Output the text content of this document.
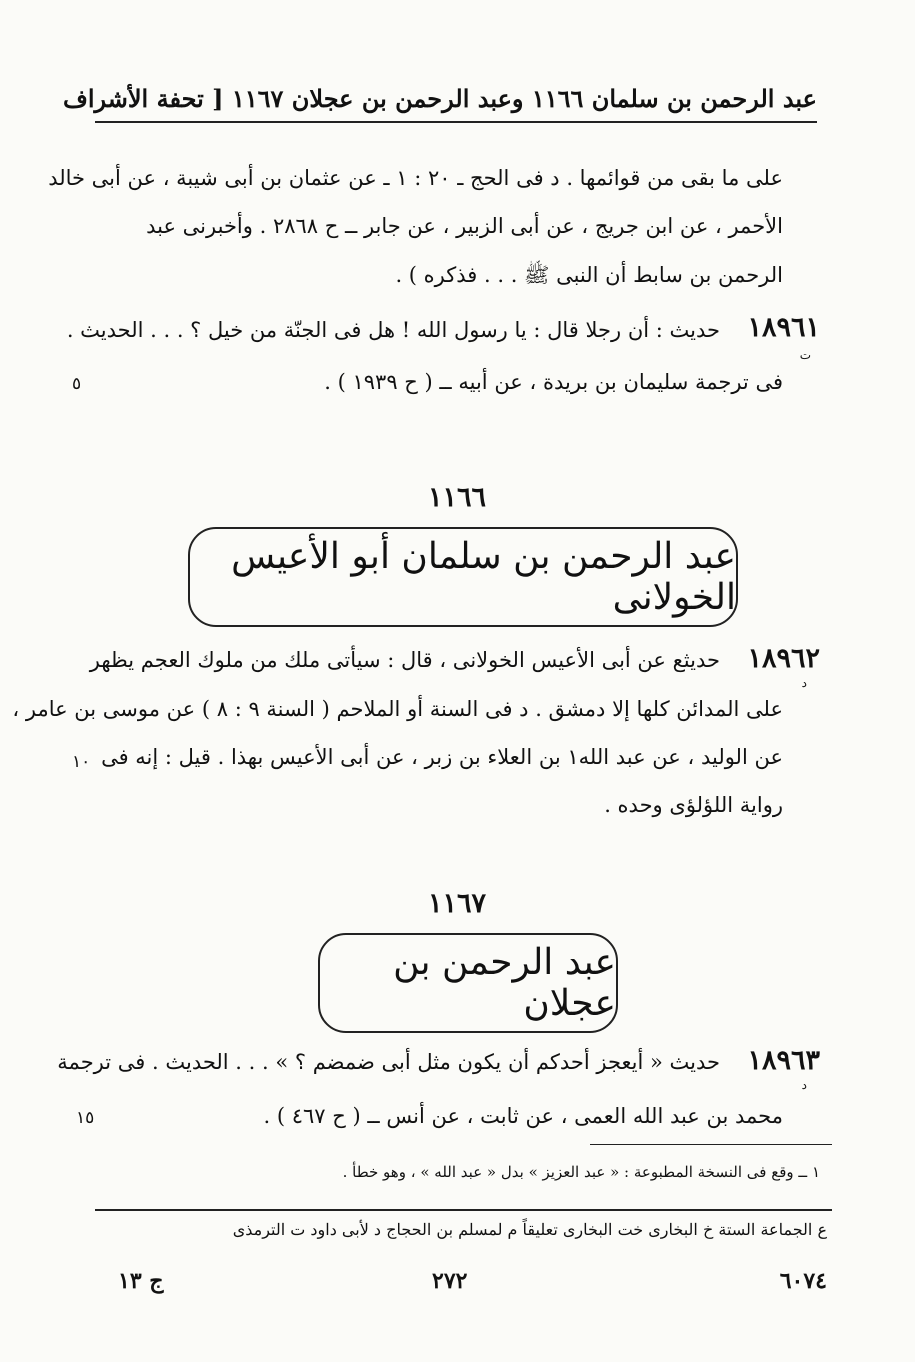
عبد الرحمن بن سلمان ١١٦٦ وعبد الرحمن بن عجلان ١١٦٧ [ تحفة الأشراف
على ما بقى من قوائمها . د فى الحج ـ ٢٠ : ١ ـ عن عثمان بن أبى شيبة ، عن أبى خالد
الأحمر ، عن ابن جريج ، عن أبى الزبير ، عن جابر ــ ح ٢٨٦٨ . وأخبرنى عبد
الرحمن بن سابط أن النبى ﷺ . . . فذكره ) .
١٨٩٦١
ت
حديث : أن رجلا قال : يا رسول الله ! هل فى الجنّة من خيل ؟ . . . الحديث .
فى ترجمة سليمان بن بريدة ، عن أبيه ــ ( ح ١٩٣٩ ) .
٥
١١٦٦
عبد الرحمن بن سلمان أبو الأعيس الخولانى
١٨٩٦٢
د
حديثع عن أبى الأعيس الخولانى ، قال : سيأتى ملك من ملوك العجم يظهر
على المدائن كلها إلا دمشق . د فى السنة أو الملاحم ( السنة ٩ : ٨ ) عن موسى بن عامر ،
عن الوليد ، عن عبد الله١ بن العلاء بن زبر ، عن أبى الأعيس بهذا . قيل : إنه فى
رواية اللؤلؤى وحده .
١٠
١١٦٧
عبد الرحمن بن عجلان
١٨٩٦٣
د
حديث « أيعجز أحدكم أن يكون مثل أبى ضمضم ؟ » . . . الحديث . فى ترجمة
محمد بن عبد الله العمى ، عن ثابت ، عن أنس ــ ( ح ٤٦٧ ) .
١٥
١ ــ وقع فى النسخة المطبوعة : « عبد العزيز » بدل « عبد الله » ، وهو خطأ .
ع الجماعة الستة خ البخارى خت البخارى تعليقاً م لمسلم بن الحجاج د لأبى داود ت الترمذى
ج ١٣	٢٧٢	٦٠٧٤
